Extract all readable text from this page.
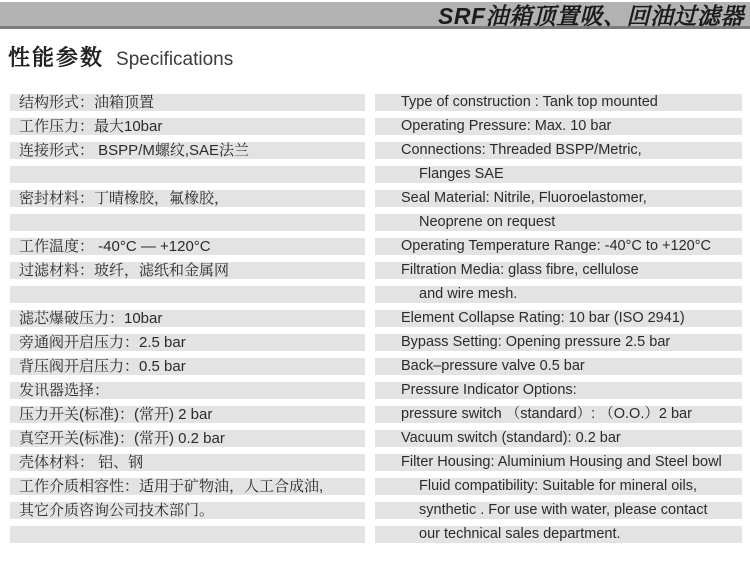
SRF油箱顶置吸、回油过滤器
性能参数 Specifications
结构形式：油箱顶置	Type of construction : Tank top mounted
工作压力：最大10bar	Operating Pressure: Max. 10 bar
连接形式： BSPP/M螺纹,SAE法兰	Connections: Threaded BSPP/Metric,
Flanges SAE
密封材料：丁晴橡胶，氟橡胶，	Seal Material: Nitrile, Fluoroelastomer,
Neoprene on request
工作温度： -40°C — +120°C	Operating Temperature Range: -40°C to +120°C
过滤材料：玻纤，滤纸和金属网	Filtration Media: glass fibre, cellulose
and wire mesh.
滤芯爆破压力：10bar	Element Collapse Rating: 10 bar (ISO 2941)
旁通阀开启压力：2.5 bar	Bypass Setting: Opening pressure 2.5 bar
背压阀开启压力：0.5 bar	Back–pressure valve 0.5 bar
发讯器选择：	Pressure Indicator Options:
压力开关(标准)：(常开) 2 bar	pressure switch （standard）: （O.O.）2 bar
真空开关(标准)：(常开) 0.2 bar	Vacuum switch (standard): 0.2 bar
壳体材料： 铝、钢	Filter Housing: Aluminium Housing and Steel bowl
工作介质相容性：适用于矿物油，人工合成油,	Fluid compatibility: Suitable for mineral oils,
其它介质咨询公司技术部门。	synthetic . For use with water, please contact
our technical sales department.
